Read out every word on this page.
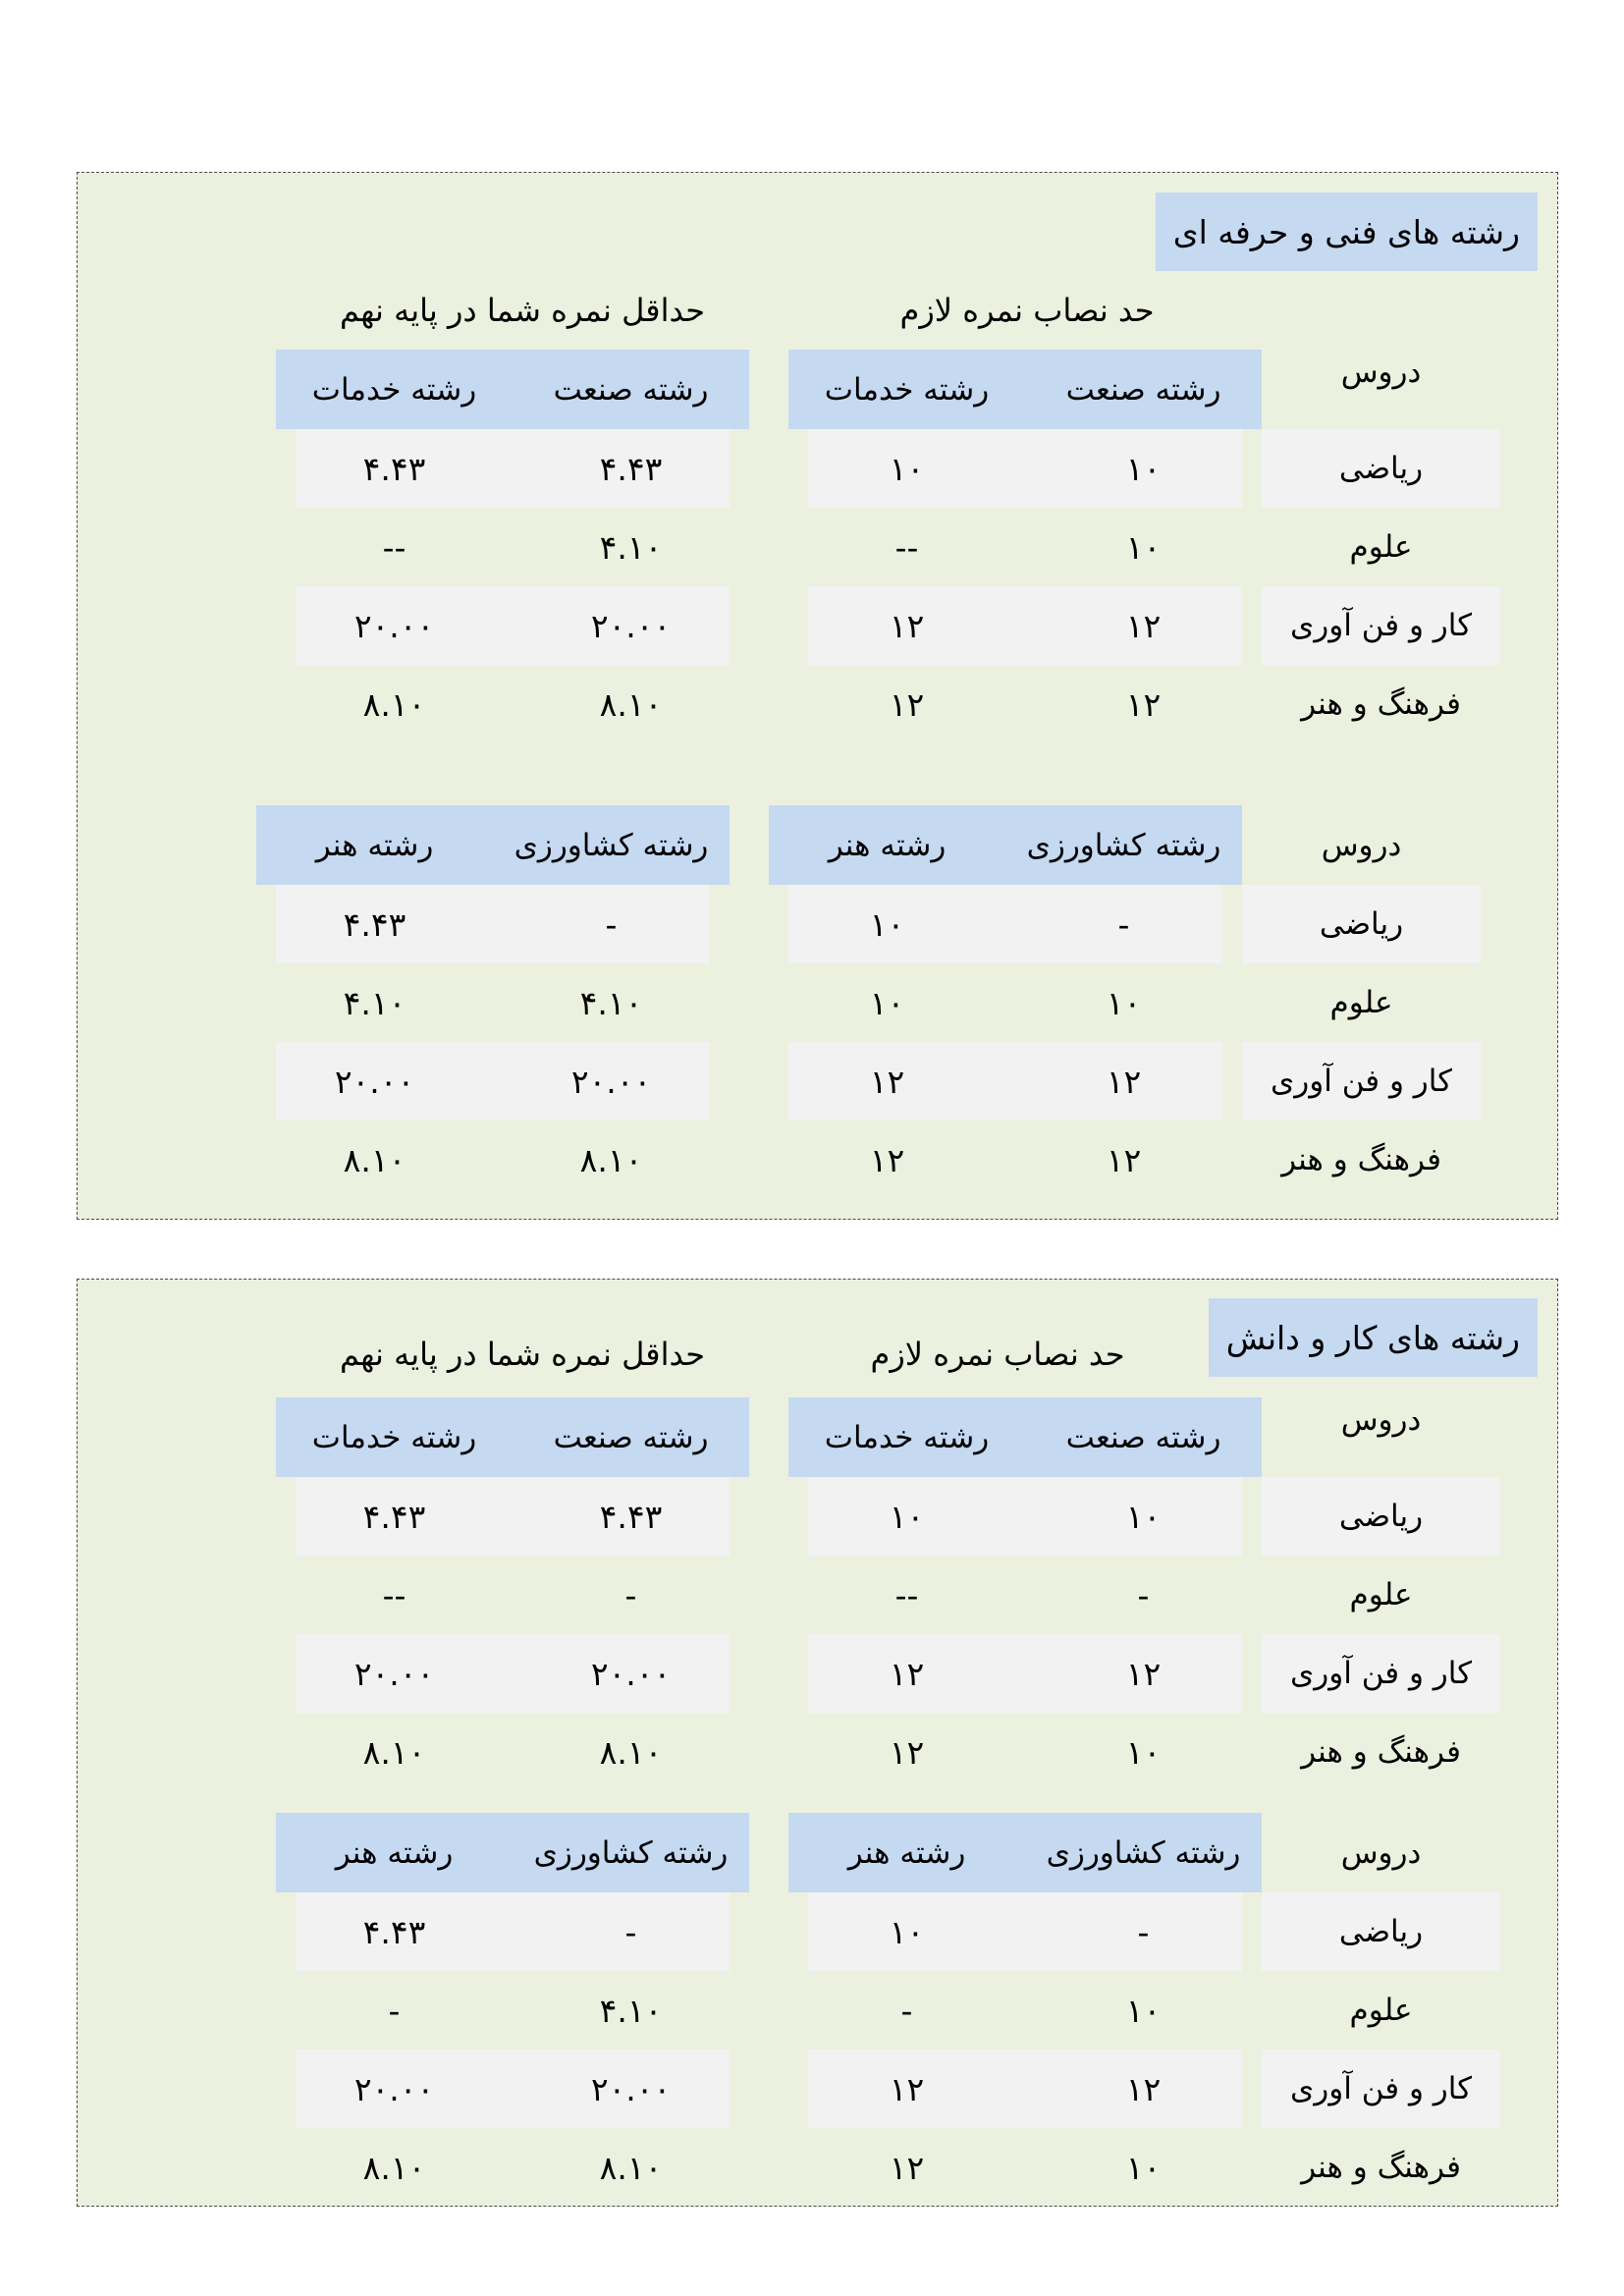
رشته های فنی و حرفه ای
حد نصاب نمره لازم
حداقل نمره شما در پایه نهم
دروس
رشته صنعت
رشته خدمات
رشته صنعت
رشته خدمات
ریاضی
۱۰
۱۰
۴.۴۳
۴.۴۳
علوم
۱۰
--
۴.۱۰
--
کار و فن آوری
۱۲
۱۲
۲۰.۰۰
۲۰.۰۰
فرهنگ و هنر
۱۲
۱۲
۸.۱۰
۸.۱۰
دروس
رشته کشاورزی
رشته هنر
رشته کشاورزی
رشته هنر
ریاضی
-
۱۰
-
۴.۴۳
علوم
۱۰
۱۰
۴.۱۰
۴.۱۰
کار و فن آوری
۱۲
۱۲
۲۰.۰۰
۲۰.۰۰
فرهنگ و هنر
۱۲
۱۲
۸.۱۰
۸.۱۰
رشته های کار و دانش
حد نصاب نمره لازم
حداقل نمره شما در پایه نهم
دروس
رشته صنعت
رشته خدمات
رشته صنعت
رشته خدمات
ریاضی
۱۰
۱۰
۴.۴۳
۴.۴۳
علوم
-
--
-
--
کار و فن آوری
۱۲
۱۲
۲۰.۰۰
۲۰.۰۰
فرهنگ و هنر
۱۰
۱۲
۸.۱۰
۸.۱۰
دروس
رشته کشاورزی
رشته هنر
رشته کشاورزی
رشته هنر
ریاضی
-
۱۰
-
۴.۴۳
علوم
۱۰
-
۴.۱۰
-
کار و فن آوری
۱۲
۱۲
۲۰.۰۰
۲۰.۰۰
فرهنگ و هنر
۱۰
۱۲
۸.۱۰
۸.۱۰
